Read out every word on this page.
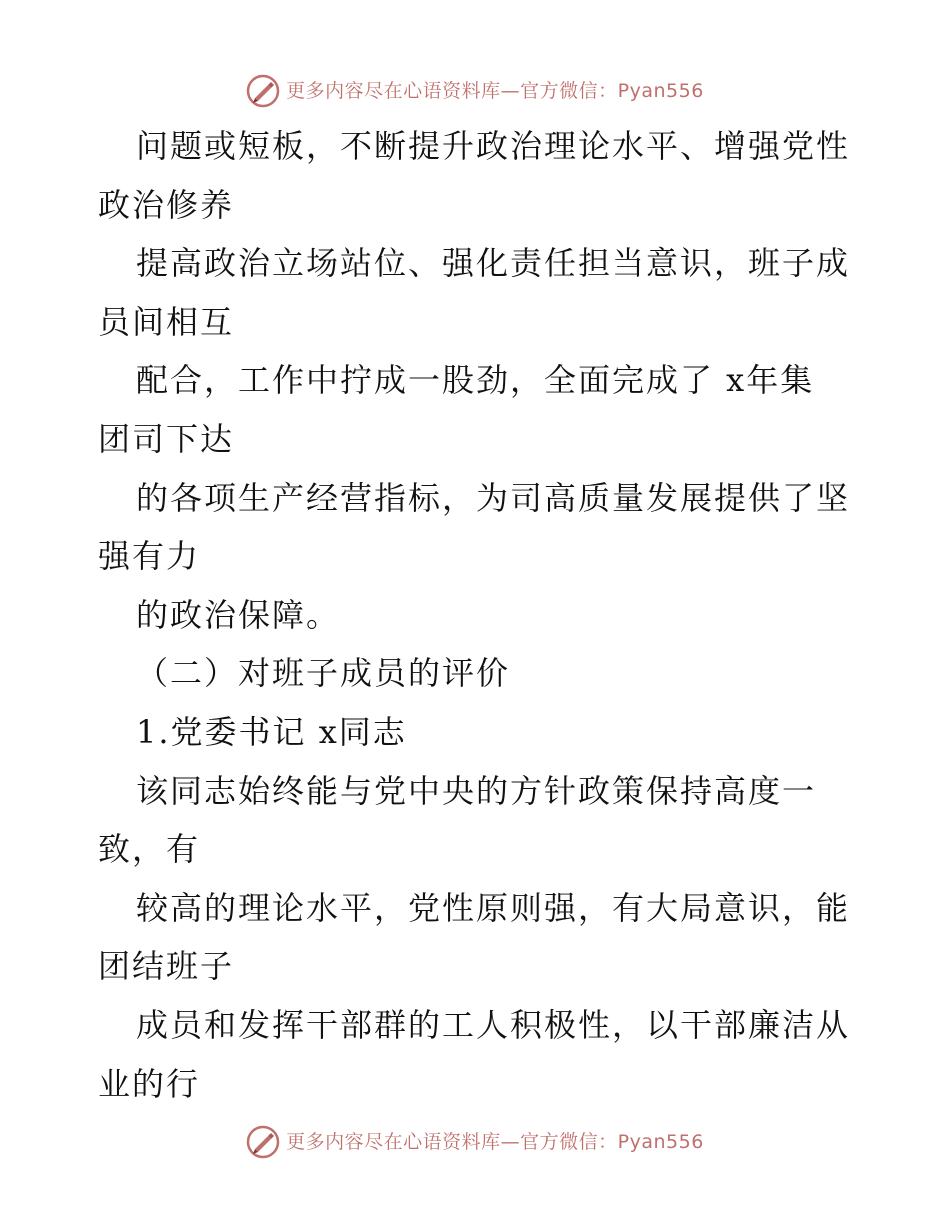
更多内容尽在心语资料库—官方微信：Pyan556
问题或短板，不断提升政治理论水平、增强党性
政治修养
提高政治立场站位、强化责任担当意识，班子成
员间相互
配合，工作中拧成一股劲，全面完成了 x年集
团司下达
的各项生产经营指标，为司高质量发展提供了坚
强有力
的政治保障。
（二）对班子成员的评价
1.党委书记 x同志
该同志始终能与党中央的方针政策保持高度一
致，有
较高的理论水平，党性原则强，有大局意识，能
团结班子
成员和发挥干部群的工人积极性，以干部廉洁从
业的行
更多内容尽在心语资料库—官方微信：Pyan556
